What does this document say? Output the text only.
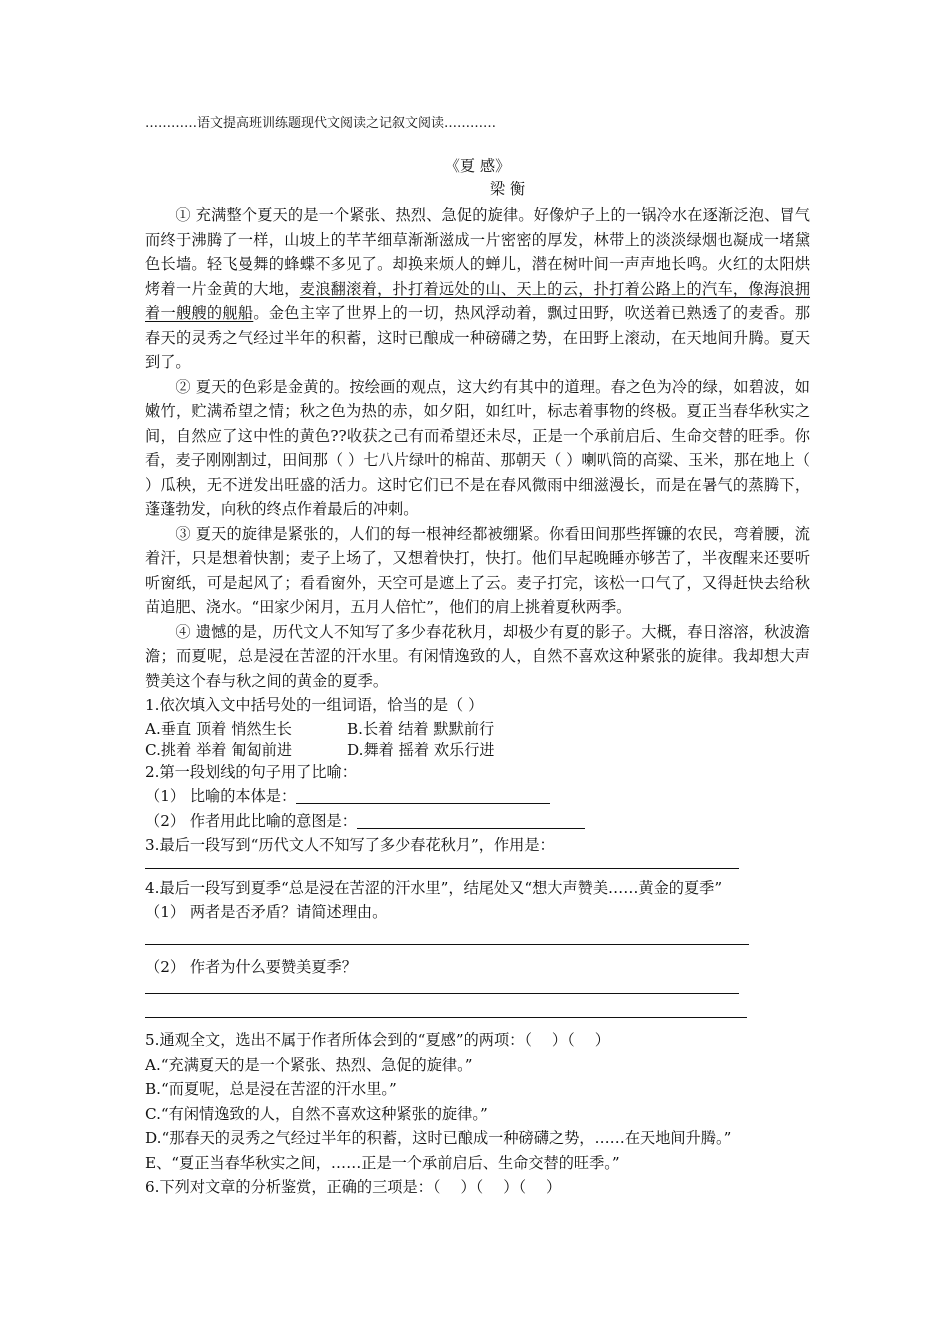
…………语文提高班训练题现代文阅读之记叙文阅读…………

《夏 感》

梁 衡

① 充满整个夏天的是一个紧张、热烈、急促的旋律。好像炉子上的一锅冷水在逐渐泛泡、冒气而终于沸腾了一样，山坡上的芊芊细草渐渐滋成一片密密的厚发，林带上的淡淡绿烟也凝成一堵黛色长墙。轻飞曼舞的蜂蝶不多见了。却换来烦人的蝉儿，潜在树叶间一声声地长鸣。火红的太阳烘烤着一片金黄的大地，麦浪翻滚着，扑打着远处的山、天上的云，扑打着公路上的汽车，像海浪拥着一艘艘的舰船。金色主宰了世界上的一切，热风浮动着，飘过田野，吹送着已熟透了的麦香。那春天的灵秀之气经过半年的积蓄，这时已酿成一种磅礴之势，在田野上滚动，在天地间升腾。夏天到了。

② 夏天的色彩是金黄的。按绘画的观点，这大约有其中的道理。春之色为冷的绿，如碧波，如嫩竹，贮满希望之情；秋之色为热的赤，如夕阳，如红叶，标志着事物的终极。夏正当春华秋实之间，自然应了这中性的黄色??收获之己有而希望还未尽，正是一个承前启后、生命交替的旺季。你看，麦子刚刚割过，田间那（ ）七八片绿叶的棉苗、那朝天（ ）喇叭筒的高粱、玉米，那在地上（ ）瓜秧，无不迸发出旺盛的活力。这时它们已不是在春风微雨中细滋漫长，而是在暑气的蒸腾下，蓬蓬勃发，向秋的终点作着最后的冲刺。

③ 夏天的旋律是紧张的，人们的每一根神经都被绷紧。你看田间那些挥镰的农民，弯着腰，流着汗，只是想着快割；麦子上场了，又想着快打，快打。他们早起晚睡亦够苦了，半夜醒来还要听听窗纸，可是起风了；看看窗外，天空可是遮上了云。麦子打完，该松一口气了，又得赶快去给秋苗追肥、浇水。“田家少闲月，五月人倍忙”，他们的肩上挑着夏秋两季。

④ 遗憾的是，历代文人不知写了多少春花秋月，却极少有夏的影子。大概，春日溶溶，秋波澹澹；而夏呢，总是浸在苦涩的汗水里。有闲情逸致的人，自然不喜欢这种紧张的旋律。我却想大声赞美这个春与秋之间的黄金的夏季。

1.依次填入文中括号处的一组词语，恰当的是（ ）

A.垂直 顶着 悄然生长	B.长着 结着 默默前行
C.挑着 举着 匍匐前进	D.舞着 摇着 欢乐行进

2.第一段划线的句子用了比喻：

（1） 比喻的本体是：

（2） 作者用此比喻的意图是：

3.最后一段写到“历代文人不知写了多少春花秋月”，作用是：

4.最后一段写到夏季“总是浸在苦涩的汗水里”，结尾处又“想大声赞美……黄金的夏季”

（1） 两者是否矛盾？请简述理由。

（2） 作者为什么要赞美夏季？

5.通观全文，选出不属于作者所体会到的“夏感”的两项：（　 ）（　 ）

A.“充满夏天的是一个紧张、热烈、急促的旋律。”

B.“而夏呢，总是浸在苦涩的汗水里。”

C.“有闲情逸致的人，自然不喜欢这种紧张的旋律。”

D.“那春天的灵秀之气经过半年的积蓄，这时已酿成一种磅礴之势，……在天地间升腾。”

E、“夏正当春华秋实之间，……正是一个承前启后、生命交替的旺季。”

6.下列对文章的分析鉴赏，正确的三项是：（　 ）（　 ）（　 ）
